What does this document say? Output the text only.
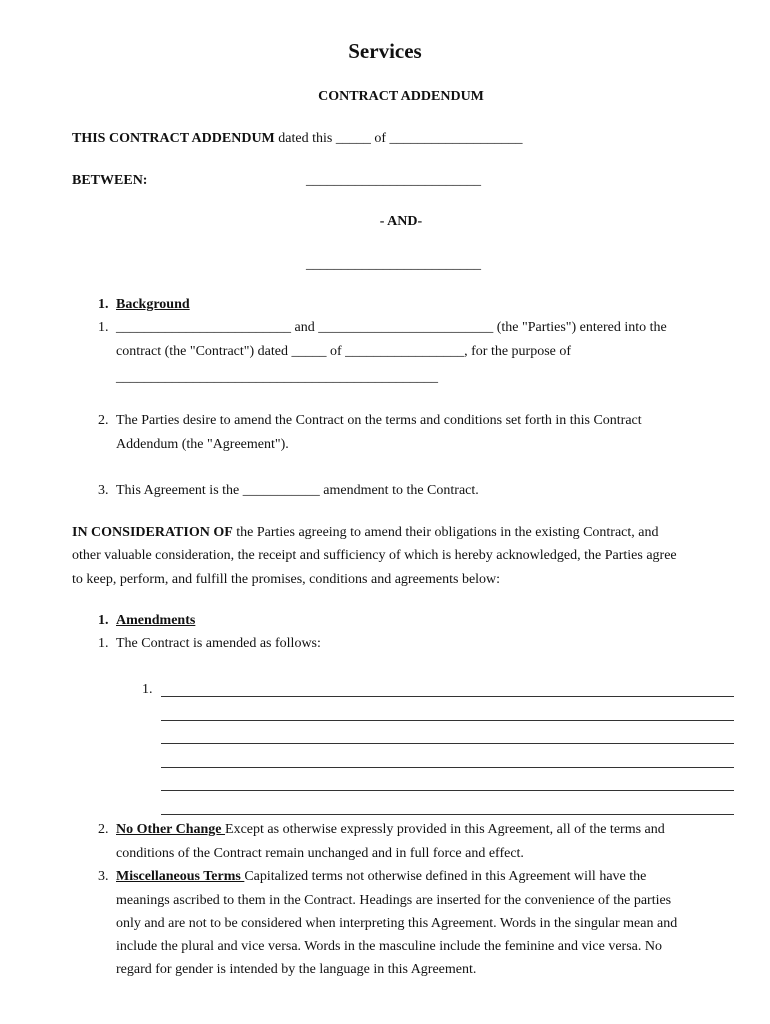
Services
CONTRACT ADDENDUM
THIS CONTRACT ADDENDUM dated this _____ of ___________________
BETWEEN:	_________________________
- AND-
_________________________
1. Background
1. _________________________ and _________________________ (the "Parties") entered into the
contract (the "Contract") dated _____ of _________________, for the purpose of
______________________________________________
2. The Parties desire to amend the Contract on the terms and conditions set forth in this Contract
Addendum (the "Agreement").
3. This Agreement is the ___________ amendment to the Contract.
IN CONSIDERATION OF the Parties agreeing to amend their obligations in the existing Contract, and
other valuable consideration, the receipt and sufficiency of which is hereby acknowledged, the Parties agree
to keep, perform, and fulfill the promises, conditions and agreements below:
1. Amendments
1. The Contract is amended as follows:
1.
2. No Other Change Except as otherwise expressly provided in this Agreement, all of the terms and
conditions of the Contract remain unchanged and in full force and effect.
3. Miscellaneous Terms Capitalized terms not otherwise defined in this Agreement will have the
meanings ascribed to them in the Contract. Headings are inserted for the convenience of the parties
only and are not to be considered when interpreting this Agreement. Words in the singular mean and
include the plural and vice versa. Words in the masculine include the feminine and vice versa. No
regard for gender is intended by the language in this Agreement.
